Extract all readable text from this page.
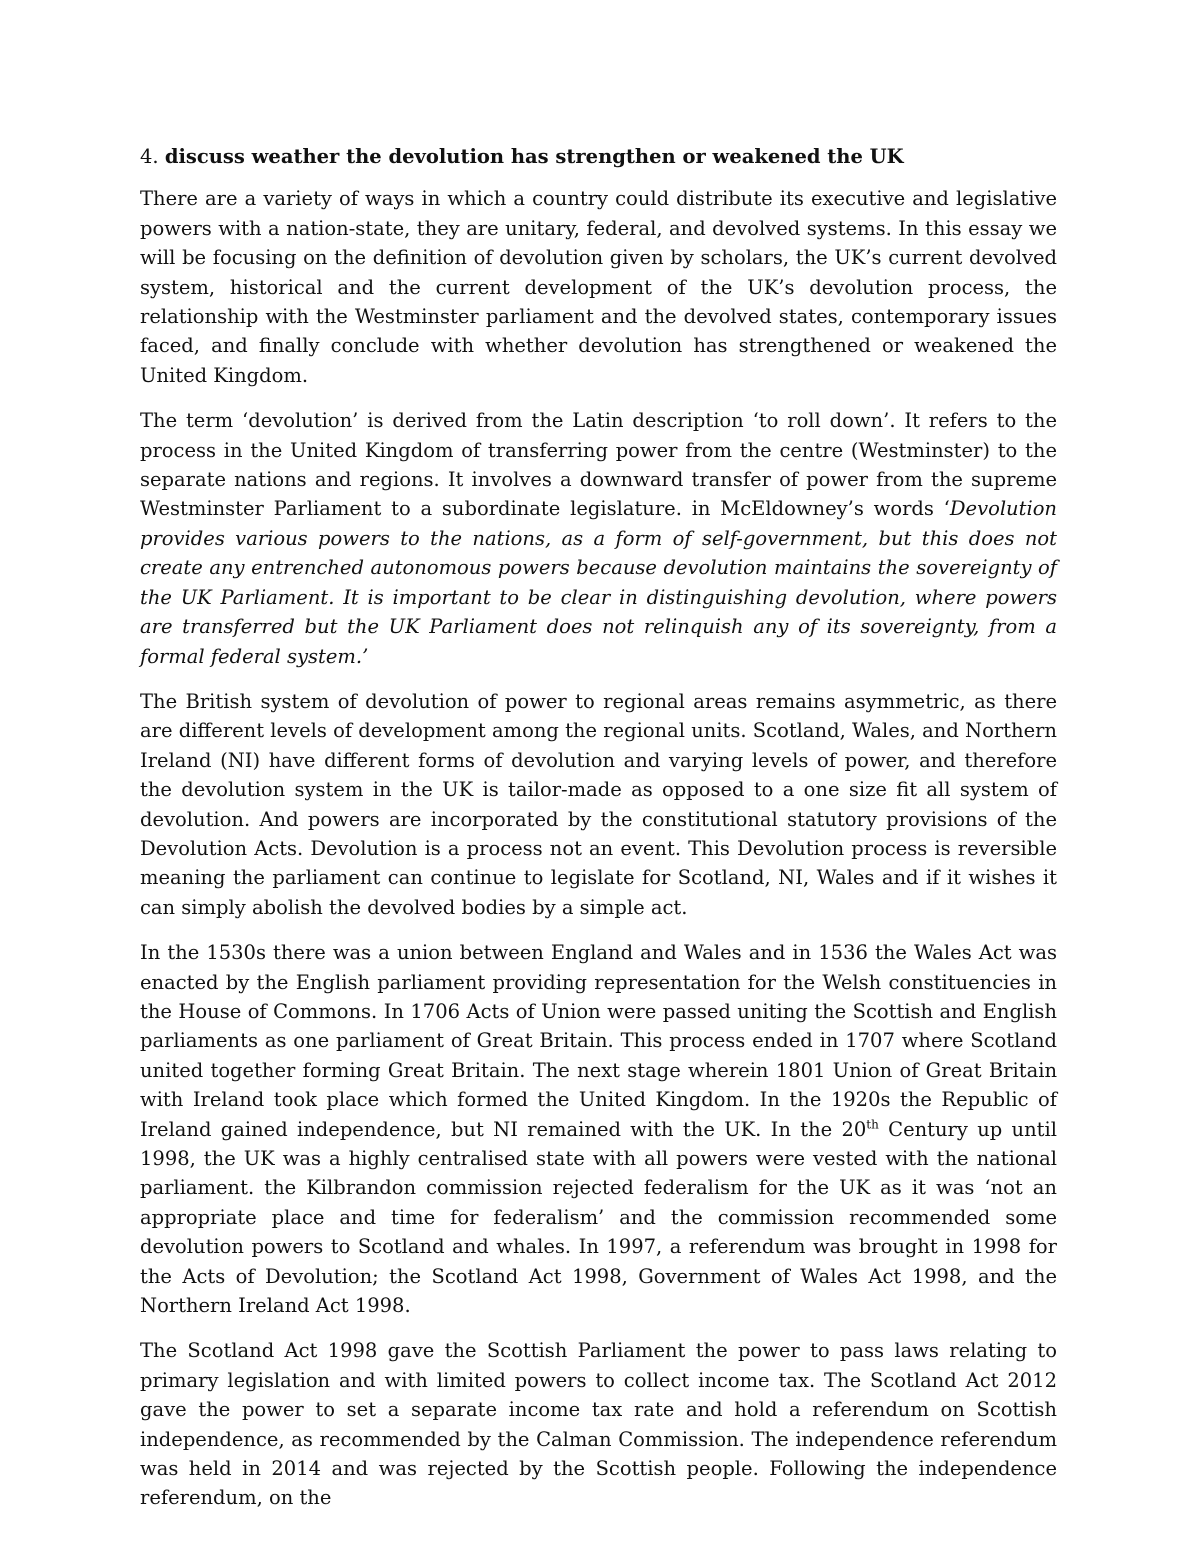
4. discuss weather the devolution has strengthen or weakened the UK

There are a variety of ways in which a country could distribute its executive and legislative powers with a nation-state, they are unitary, federal, and devolved systems. In this essay we will be focusing on the definition of devolution given by scholars, the UK’s current devolved system, historical and the current development of the UK’s devolution process, the relationship with the Westminster parliament and the devolved states, contemporary issues faced, and finally conclude with whether devolution has strengthened or weakened the United Kingdom.

The term ‘devolution’ is derived from the Latin description ‘to roll down’. It refers to the process in the United Kingdom of transferring power from the centre (Westminster) to the separate nations and regions. It involves a downward transfer of power from the supreme Westminster Parliament to a subordinate legislature. in McEldowney’s words ‘Devolution provides various powers to the nations, as a form of self-government, but this does not create any entrenched autonomous powers because devolution maintains the sovereignty of the UK Parliament. It is important to be clear in distinguishing devolution, where powers are transferred but the UK Parliament does not relinquish any of its sovereignty, from a formal federal system.’

The British system of devolution of power to regional areas remains asymmetric, as there are different levels of development among the regional units. Scotland, Wales, and Northern Ireland (NI) have different forms of devolution and varying levels of power, and therefore the devolution system in the UK is tailor-made as opposed to a one size fit all system of devolution. And powers are incorporated by the constitutional statutory provisions of the Devolution Acts. Devolution is a process not an event. This Devolution process is reversible meaning the parliament can continue to legislate for Scotland, NI, Wales and if it wishes it can simply abolish the devolved bodies by a simple act.

In the 1530s there was a union between England and Wales and in 1536 the Wales Act was enacted by the English parliament providing representation for the Welsh constituencies in the House of Commons. In 1706 Acts of Union were passed uniting the Scottish and English parliaments as one parliament of Great Britain. This process ended in 1707 where Scotland united together forming Great Britain. The next stage wherein 1801 Union of Great Britain with Ireland took place which formed the United Kingdom. In the 1920s the Republic of Ireland gained independence, but NI remained with the UK. In the 20th Century up until 1998, the UK was a highly centralised state with all powers were vested with the national parliament. the Kilbrandon commission rejected federalism for the UK as it was ‘not an appropriate place and time for federalism’ and the commission recommended some devolution powers to Scotland and whales. In 1997, a referendum was brought in 1998 for the Acts of Devolution; the Scotland Act 1998, Government of Wales Act 1998, and the Northern Ireland Act 1998.

The Scotland Act 1998 gave the Scottish Parliament the power to pass laws relating to primary legislation and with limited powers to collect income tax. The Scotland Act 2012 gave the power to set a separate income tax rate and hold a referendum on Scottish independence, as recommended by the Calman Commission. The independence referendum was held in 2014 and was rejected by the Scottish people. Following the independence referendum, on the
